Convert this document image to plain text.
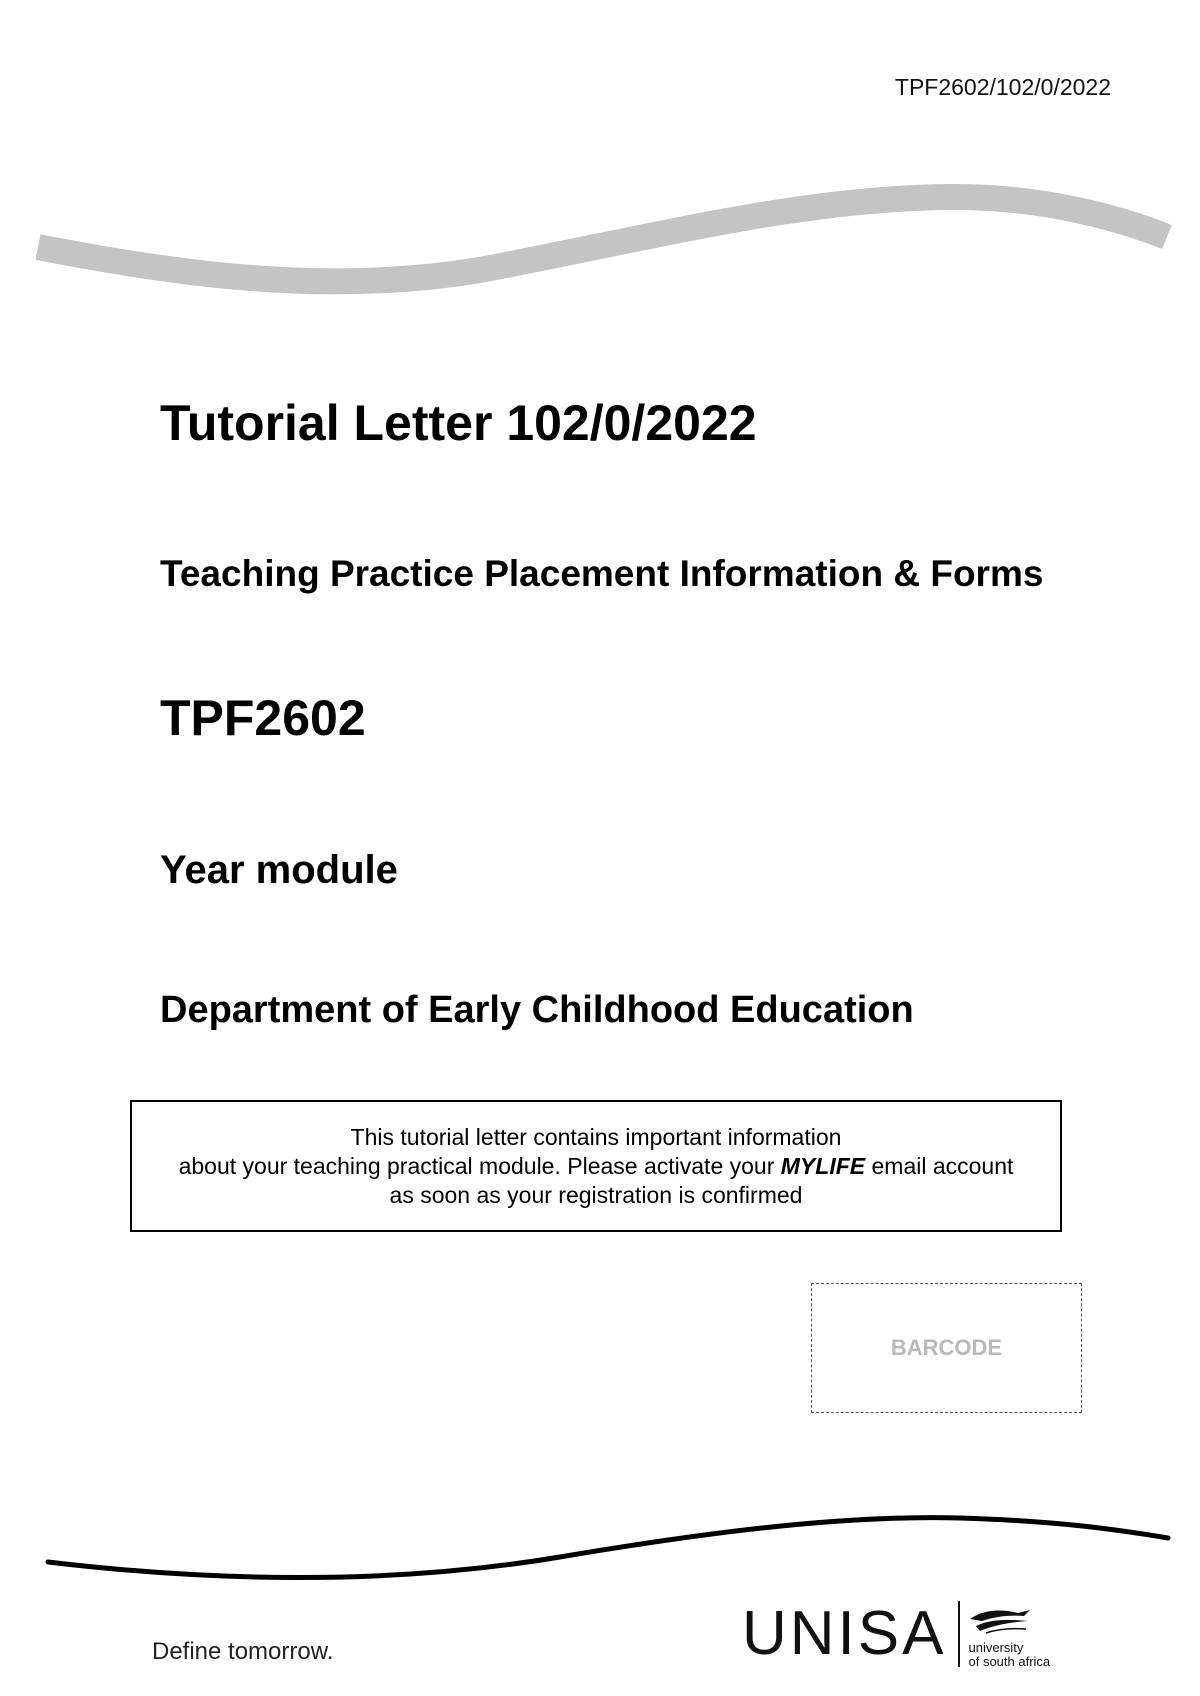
TPF2602/102/0/2022
Tutorial Letter 102/0/2022
Teaching Practice Placement Information & Forms
TPF2602
Year module
Department of Early Childhood Education
This tutorial letter contains important information
about your teaching practical module. Please activate your MYLIFE email account
as soon as your registration is confirmed
BARCODE
Define tomorrow.	UNISA university
of south africa
